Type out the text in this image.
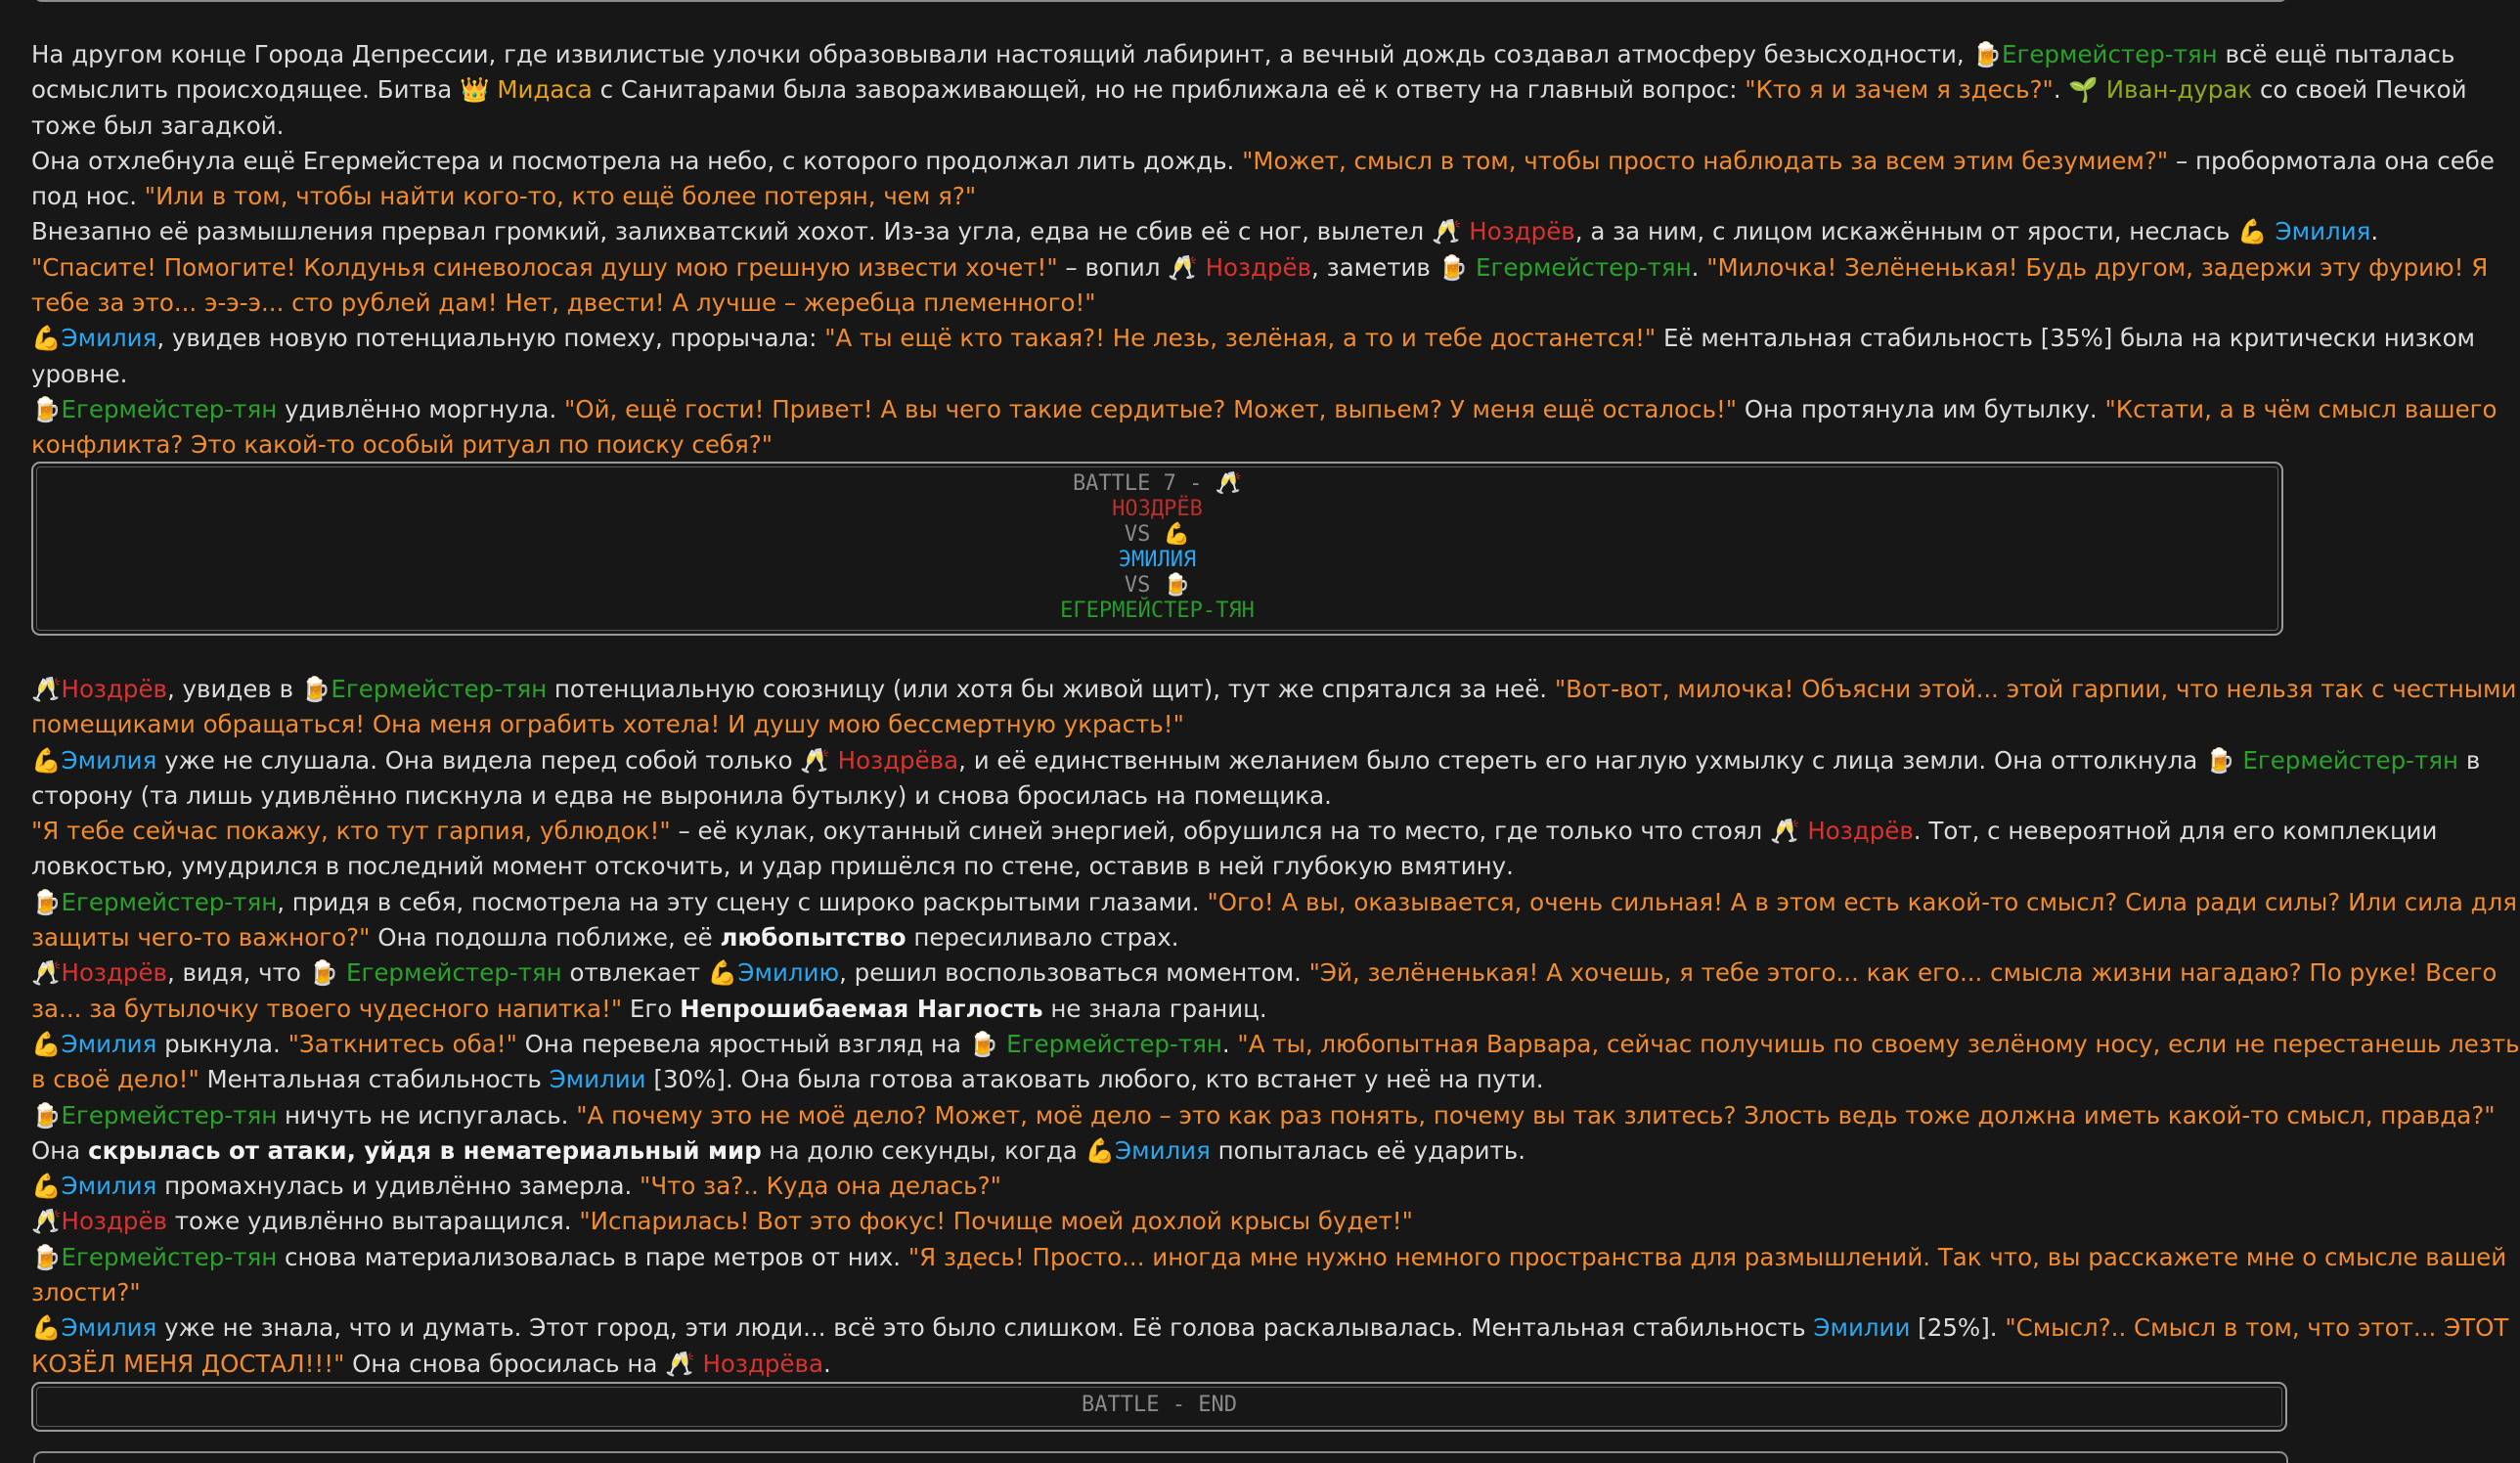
На другом конце Города Депрессии, где извилистые улочки образовывали настоящий лабиринт, а вечный дождь создавал атмосферу безысходности, 🍺Егермейстер-тян всё ещё пыталась
осмыслить происходящее. Битва 👑 Мидаса с Санитарами была завораживающей, но не приближала её к ответу на главный вопрос: "Кто я и зачем я здесь?". 🌱 Иван-дурак со своей Печкой
тоже был загадкой.
Она отхлебнула ещё Егермейстера и посмотрела на небо, с которого продолжал лить дождь. "Может, смысл в том, чтобы просто наблюдать за всем этим безумием?" – пробормотала она себе
под нос. "Или в том, чтобы найти кого-то, кто ещё более потерян, чем я?"
Внезапно её размышления прервал громкий, залихватский хохот. Из-за угла, едва не сбив её с ног, вылетел 🥂 Ноздрёв, а за ним, с лицом искажённым от ярости, неслась 💪 Эмилия.
"Спасите! Помогите! Колдунья синеволосая душу мою грешную извести хочет!" – вопил 🥂 Ноздрёв, заметив 🍺 Егермейстер-тян. "Милочка! Зелёненькая! Будь другом, задержи эту фурию! Я
тебе за это... э-э-э... сто рублей дам! Нет, двести! А лучше – жеребца племенного!"
💪Эмилия, увидев новую потенциальную помеху, прорычала: "А ты ещё кто такая?! Не лезь, зелёная, а то и тебе достанется!" Её ментальная стабильность [35%] была на критически низком
уровне.
🍺Егермейстер-тян удивлённо моргнула. "Ой, ещё гости! Привет! А вы чего такие сердитые? Может, выпьем? У меня ещё осталось!" Она протянула им бутылку. "Кстати, а в чём смысл вашего
конфликта? Это какой-то особый ритуал по поиску себя?"
BATTLE 7 - 🥂
НОЗДРЁВ
VS 💪
ЭМИЛИЯ
VS 🍺
ЕГЕРМЕЙСТЕР-ТЯН
🥂Ноздрёв, увидев в 🍺Егермейстер-тян потенциальную союзницу (или хотя бы живой щит), тут же спрятался за неё. "Вот-вот, милочка! Объясни этой... этой гарпии, что нельзя так с честными
помещиками обращаться! Она меня ограбить хотела! И душу мою бессмертную украсть!"
💪Эмилия уже не слушала. Она видела перед собой только 🥂 Ноздрёва, и её единственным желанием было стереть его наглую ухмылку с лица земли. Она оттолкнула 🍺 Егермейстер-тян в
сторону (та лишь удивлённо пискнула и едва не выронила бутылку) и снова бросилась на помещика.
"Я тебе сейчас покажу, кто тут гарпия, ублюдок!" – её кулак, окутанный синей энергией, обрушился на то место, где только что стоял 🥂 Ноздрёв. Тот, с невероятной для его комплекции
ловкостью, умудрился в последний момент отскочить, и удар пришёлся по стене, оставив в ней глубокую вмятину.
🍺Егермейстер-тян, придя в себя, посмотрела на эту сцену с широко раскрытыми глазами. "Ого! А вы, оказывается, очень сильная! А в этом есть какой-то смысл? Сила ради силы? Или сила для
защиты чего-то важного?" Она подошла поближе, её любопытство пересиливало страх.
🥂Ноздрёв, видя, что 🍺 Егермейстер-тян отвлекает 💪Эмилию, решил воспользоваться моментом. "Эй, зелёненькая! А хочешь, я тебе этого... как его... смысла жизни нагадаю? По руке! Всего
за... за бутылочку твоего чудесного напитка!" Его Непрошибаемая Наглость не знала границ.
💪Эмилия рыкнула. "Заткнитесь оба!" Она перевела яростный взгляд на 🍺 Егермейстер-тян. "А ты, любопытная Варвара, сейчас получишь по своему зелёному носу, если не перестанешь лезть
в своё дело!" Ментальная стабильность Эмилии [30%]. Она была готова атаковать любого, кто встанет у неё на пути.
🍺Егермейстер-тян ничуть не испугалась. "А почему это не моё дело? Может, моё дело – это как раз понять, почему вы так злитесь? Злость ведь тоже должна иметь какой-то смысл, правда?"
Она скрылась от атаки, уйдя в нематериальный мир на долю секунды, когда 💪Эмилия попыталась её ударить.
💪Эмилия промахнулась и удивлённо замерла. "Что за?.. Куда она делась?"
🥂Ноздрёв тоже удивлённо вытаращился. "Испарилась! Вот это фокус! Почище моей дохлой крысы будет!"
🍺Егермейстер-тян снова материализовалась в паре метров от них. "Я здесь! Просто... иногда мне нужно немного пространства для размышлений. Так что, вы расскажете мне о смысле вашей
злости?"
💪Эмилия уже не знала, что и думать. Этот город, эти люди... всё это было слишком. Её голова раскалывалась. Ментальная стабильность Эмилии [25%]. "Смысл?.. Смысл в том, что этот... ЭТОТ
КОЗЁЛ МЕНЯ ДОСТАЛ!!!" Она снова бросилась на 🥂 Ноздрёва.
BATTLE - END
